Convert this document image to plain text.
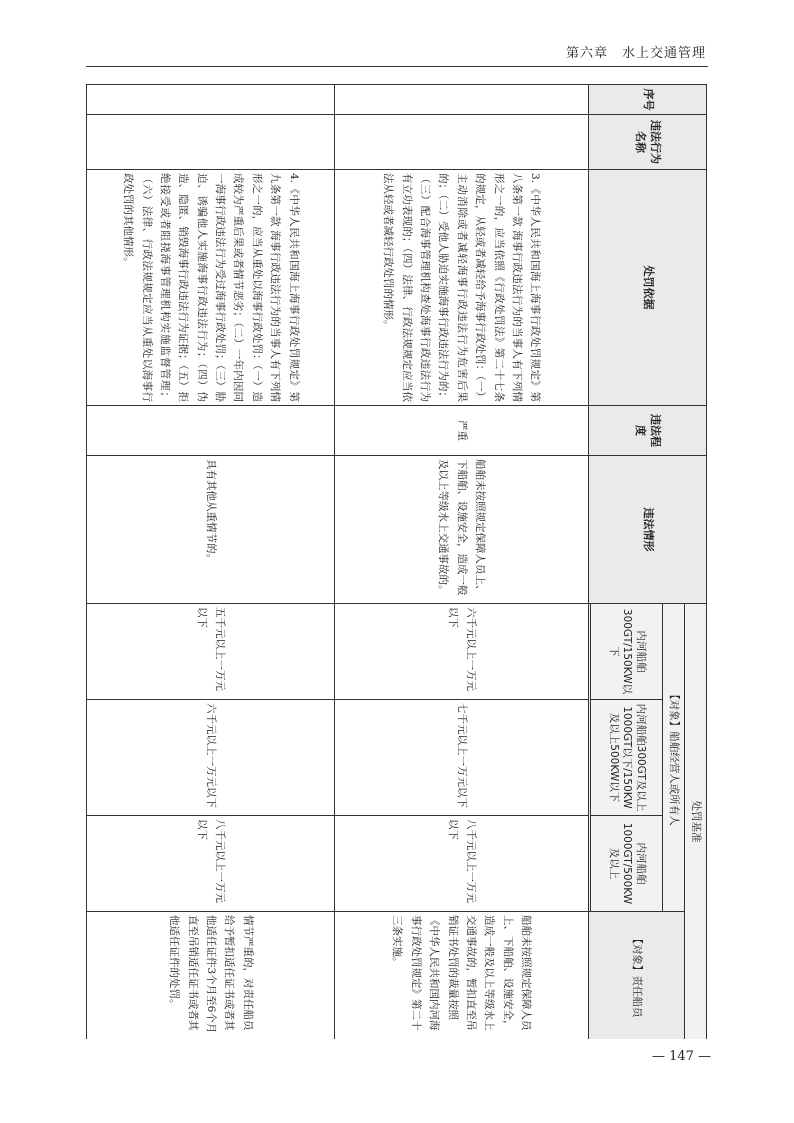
第六章　水上交通管理
序号	违法行为名称	处罚依据	违法程度	违法情形	处罚基准			
					【对象】船舶经营人或所有人			【对象】责任船员
					内河船舶300GT/150KW以下	内河船舶300GT及以上1000GT以下/150KW及以上500KW以下	内河船舶1000GT/500KW及以上	

		3.《中华人民共和国海上海事行政处罚规定》第八条第一款 海事行政违法行为的当事人有下列情形之一的，应当依照《行政处罚法》第二十七条的规定，从轻或者减轻给予海事行政处罚：（一）主动消除或者减轻海事行政违法行为危害后果的；（二）受他人胁迫实施海事行政违法行为的；（三）配合海事管理机构查处海事行政违法行为有立功表现的；（四）法律、行政法规规定应当依法从轻或者减轻行政处罚的情形。	严重	船舶未按照规定保障人员上、下船舶、设施安全，造成一般及以上等级水上交通事故的。	六千元以上一万元以下	七千元以上一万元以下	八千元以上一万元以下	船舶未按照规定保障人员上、下船舶、设施安全，造成一般及以上等级水上交通事故的，暂扣直至吊销证书处罚的裁量按照《中华人民共和国内河海事行政处罚规定》第二十三条实施。
		4.《中华人民共和国海上海事行政处罚规定》第九条第一款 海事行政违法行为的当事人有下列情形之一的，应当从重处以海事行政处罚：（一）造成较为严重后果或者情节恶劣；（二）一年内因同一海事行政违法行为受过海事行政处罚；（三）胁迫、诱骗他人实施海事行政违法行为；（四）伪造、隐匿、销毁海事行政违法行为证据；（五）拒绝接受或者阻挠海事管理机构实施监督管理；（六）法律、行政法规规定应当从重处以海事行政处罚的其他情形。		具有其他从重情节的。	五千元以上一万元以下	六千元以上一万元以下	八千元以上一万元以下	情节严重的，对责任船员给予暂扣适任证书或者其他适任证件3个月至6个月直至吊销适任证书或者其他适任证件的处罚。
— 147 —
